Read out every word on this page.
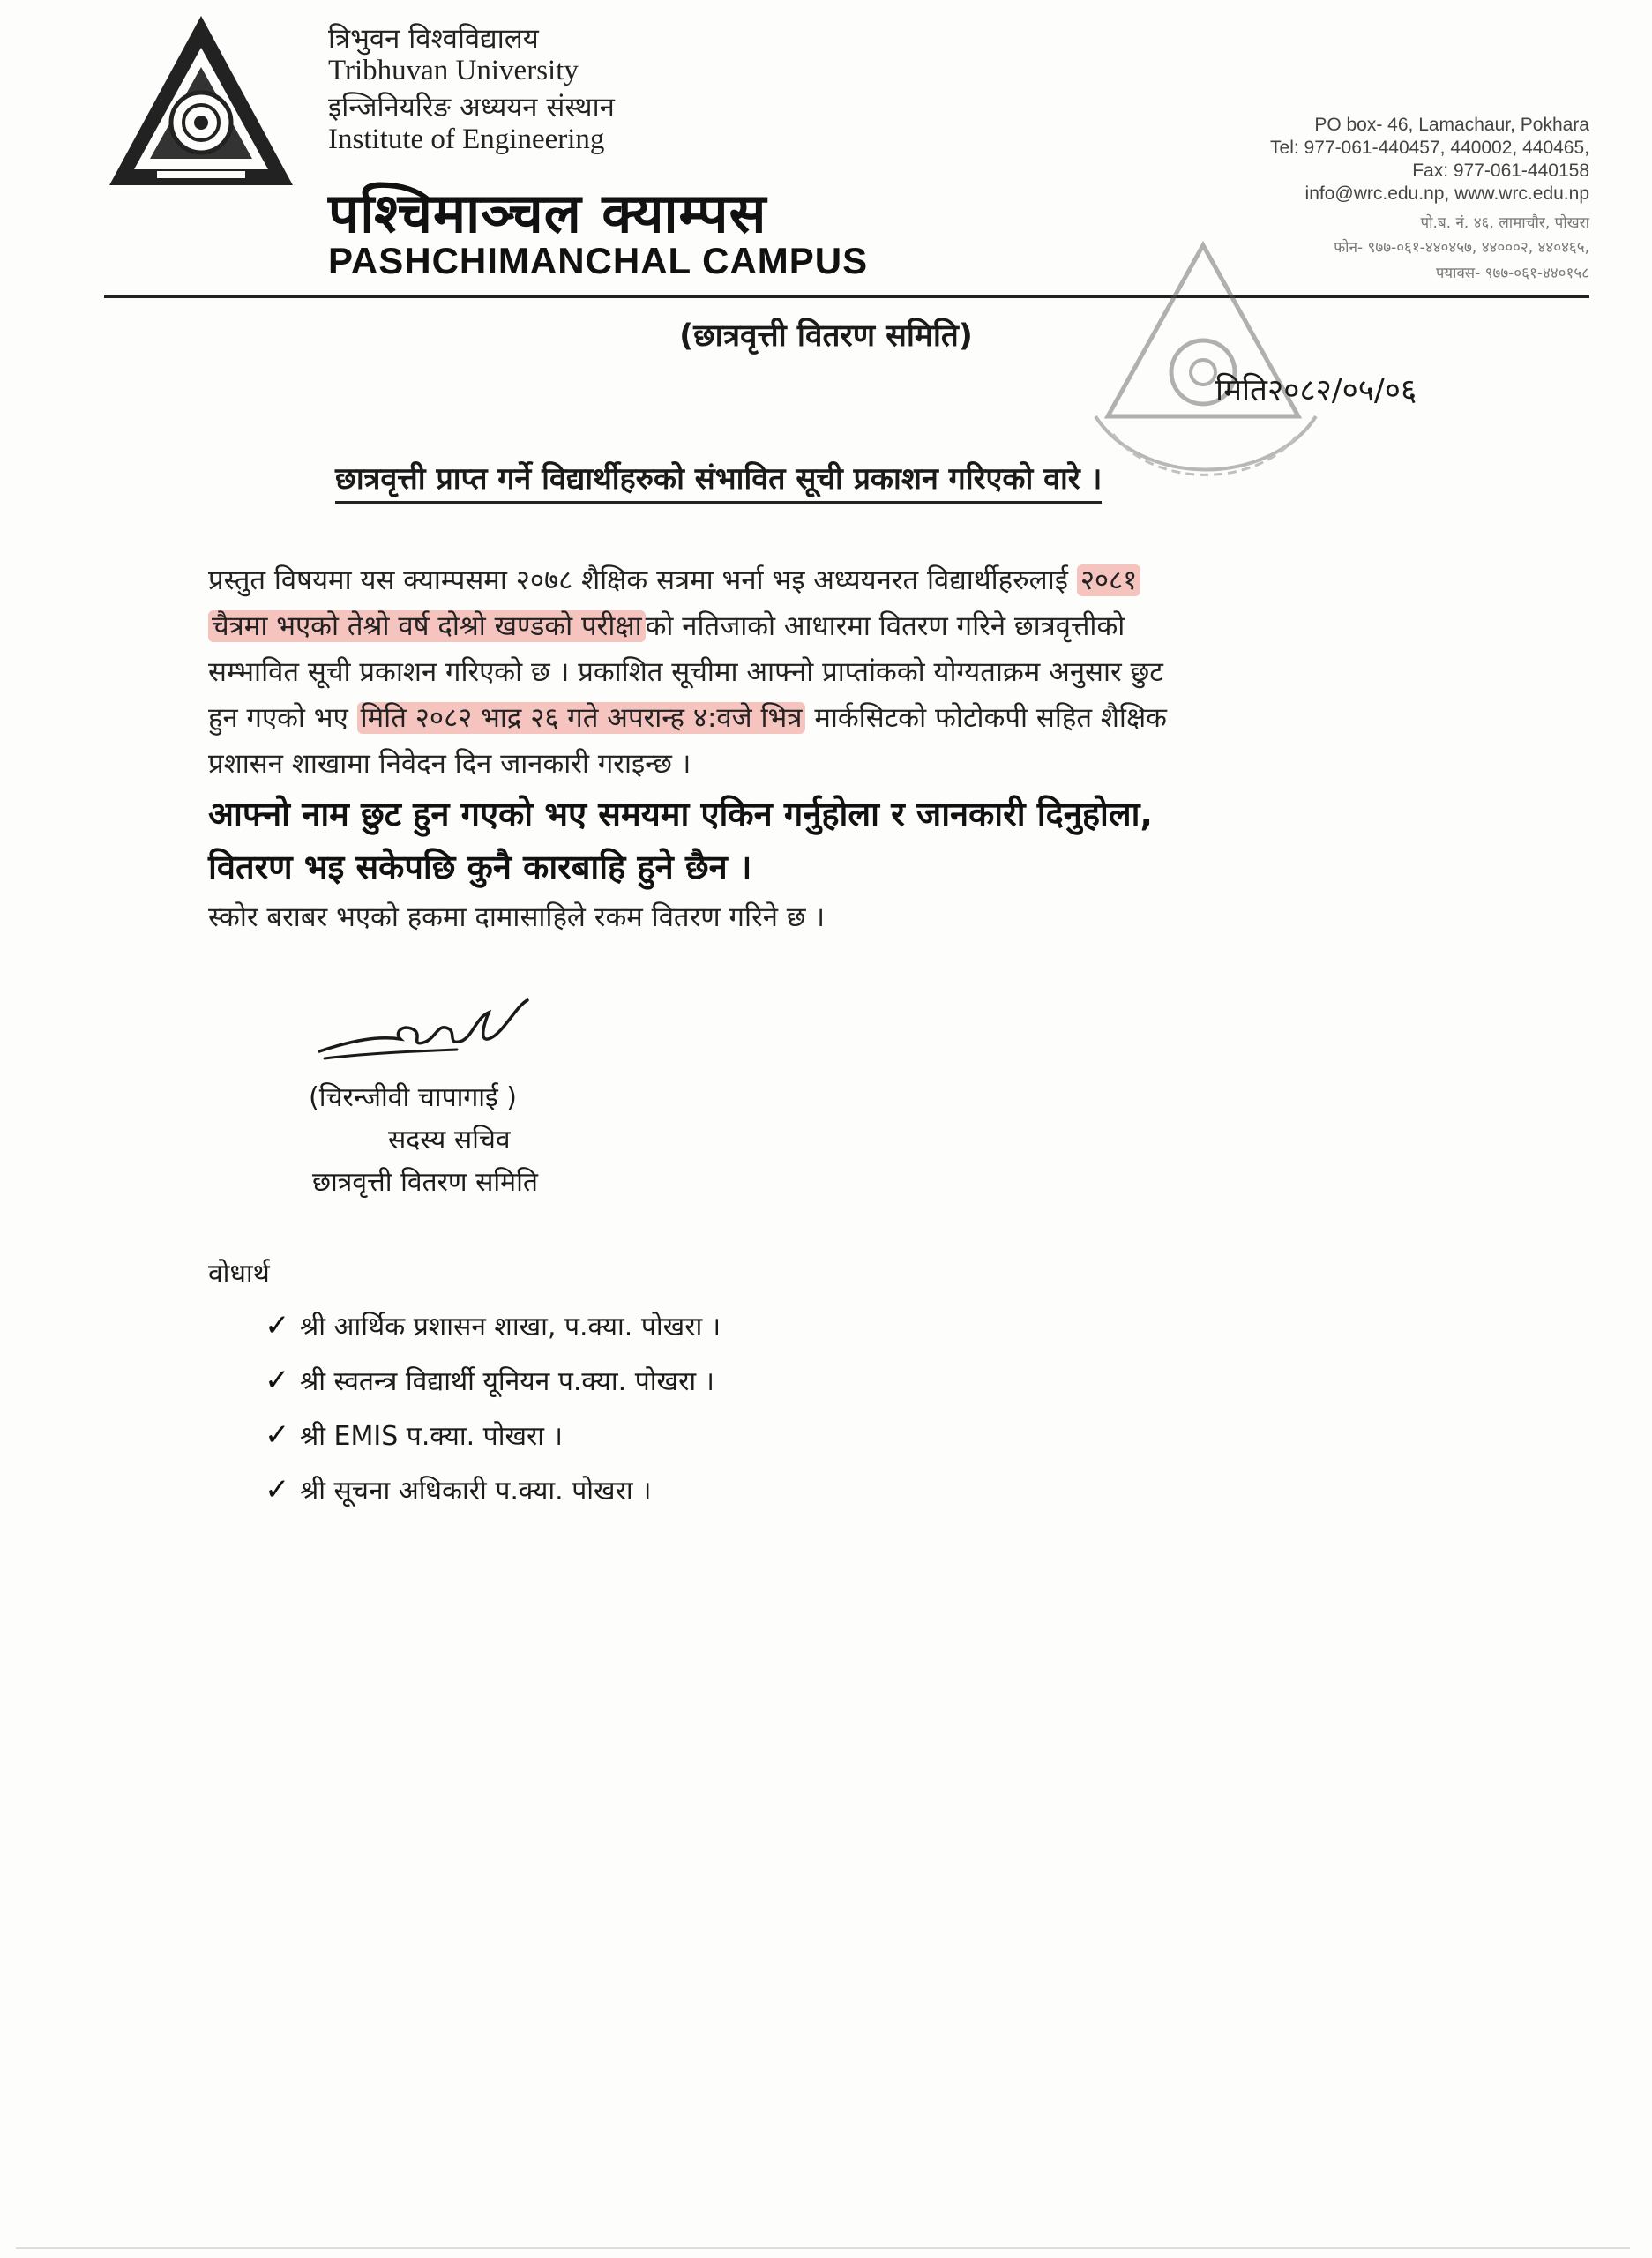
त्रिभुवन विश्वविद्यालय
Tribhuvan University
इन्जिनियरिङ अध्ययन संस्थान
Institute of Engineering
पश्चिमाञ्चल क्याम्पस
PASHCHIMANCHAL CAMPUS
PO box- 46, Lamachaur, Pokhara
Tel: 977-061-440457, 440002, 440465,
Fax: 977-061-440158
info@wrc.edu.np, www.wrc.edu.np
पो.ब. नं. ४६, लामाचौर, पोखरा
फोन- ९७७-०६१-४४०४५७, ४४०००२, ४४०४६५,
फ्याक्स- ९७७-०६१-४४०१५८
(छात्रवृत्ती वितरण समिति)
मिति२०८२/०५/०६
छात्रवृत्ती प्राप्त गर्ने विद्यार्थीहरुको संभावित सूची प्रकाशन गरिएको वारे ।
प्रस्तुत विषयमा यस क्याम्पसमा २०७८ शैक्षिक सत्रमा भर्ना भइ अध्ययनरत विद्यार्थीहरुलाई २०८१
चैत्रमा भएको तेश्रो वर्ष दोश्रो खण्डको परीक्षा को नतिजाको आधारमा वितरण गरिने छात्रवृत्तीको
सम्भावित सूची प्रकाशन गरिएको छ । प्रकाशित सूचीमा आफ्नो प्राप्तांकको योग्यताक्रम अनुसार छुट
हुन गएको भए मिति २०८२ भाद्र २६ गते अपरान्ह ४:वजे भित्र मार्कसिटको फोटोकपी सहित शैक्षिक
प्रशासन शाखामा निवेदन दिन जानकारी गराइन्छ ।
आफ्नो नाम छुट हुन गएको भए समयमा एकिन गर्नुहोला र जानकारी दिनुहोला,
वितरण भइ सकेपछि कुनै कारबाहि हुने छैन ।
स्कोर बराबर भएको हकमा दामासाहिले रकम वितरण गरिने छ ।
(चिरन्जीवी चापागाई )
सदस्य सचिव
छात्रवृत्ती वितरण समिति
वोधार्थ
✓ श्री आर्थिक प्रशासन शाखा, प.क्या. पोखरा ।
✓ श्री स्वतन्त्र विद्यार्थी यूनियन प.क्या. पोखरा ।
✓ श्री EMIS प.क्या. पोखरा ।
✓ श्री सूचना अधिकारी प.क्या. पोखरा ।
